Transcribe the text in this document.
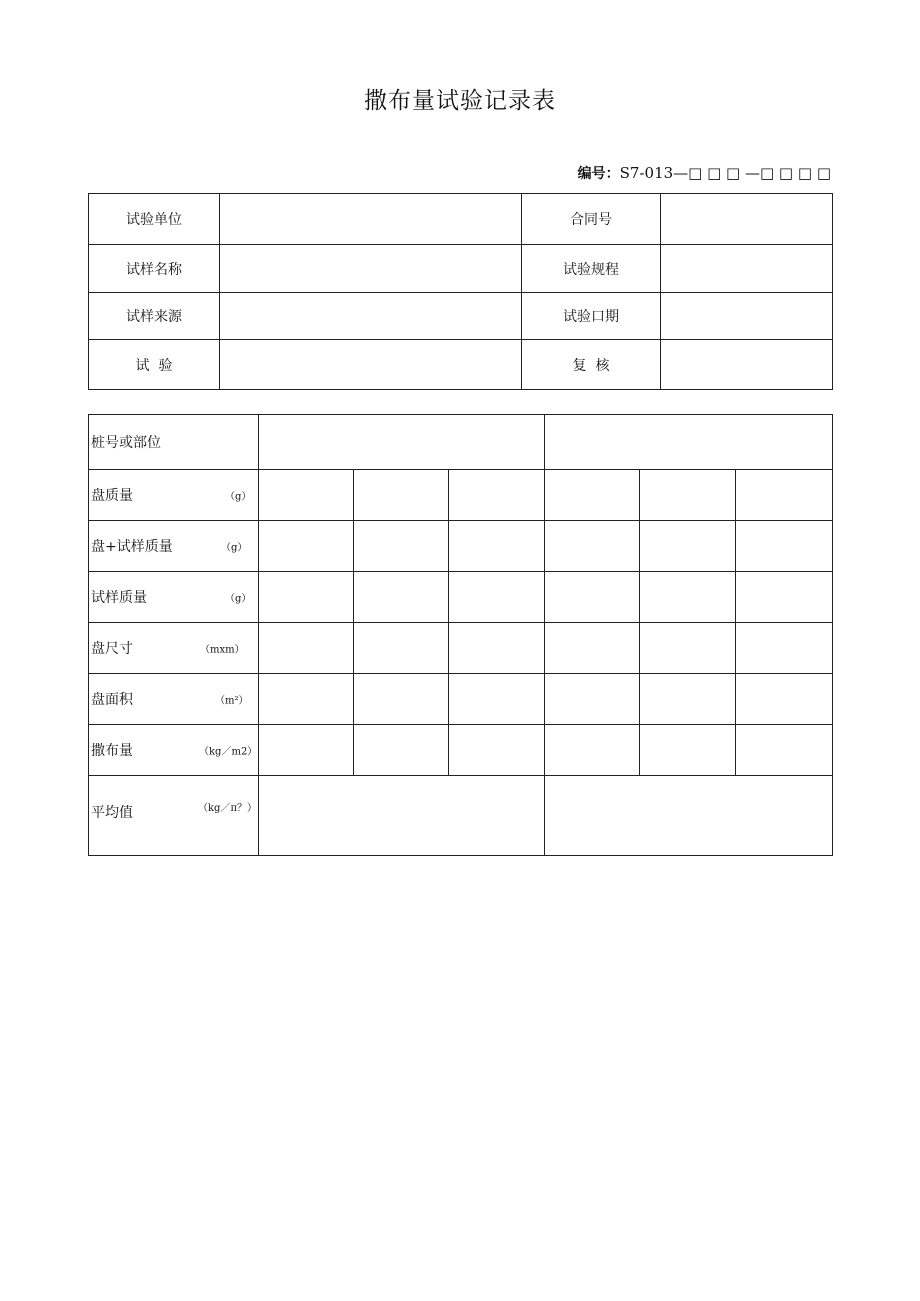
撒布量试验记录表
编号：S7-013—□ □ □ —□ □ □ □
试验单位		合同号	
试样名称		试验规程	
试样来源		试验口期	
试  验		复  核	
桩号或部位						

盘质量 （g）						

盘+试样质量 （g）						

试样质量 （g）						

盘尺寸 （mxm）						

盘面积 （m²）						

撒布量 （kg／m2）						

平均值 （kg／π？）						
